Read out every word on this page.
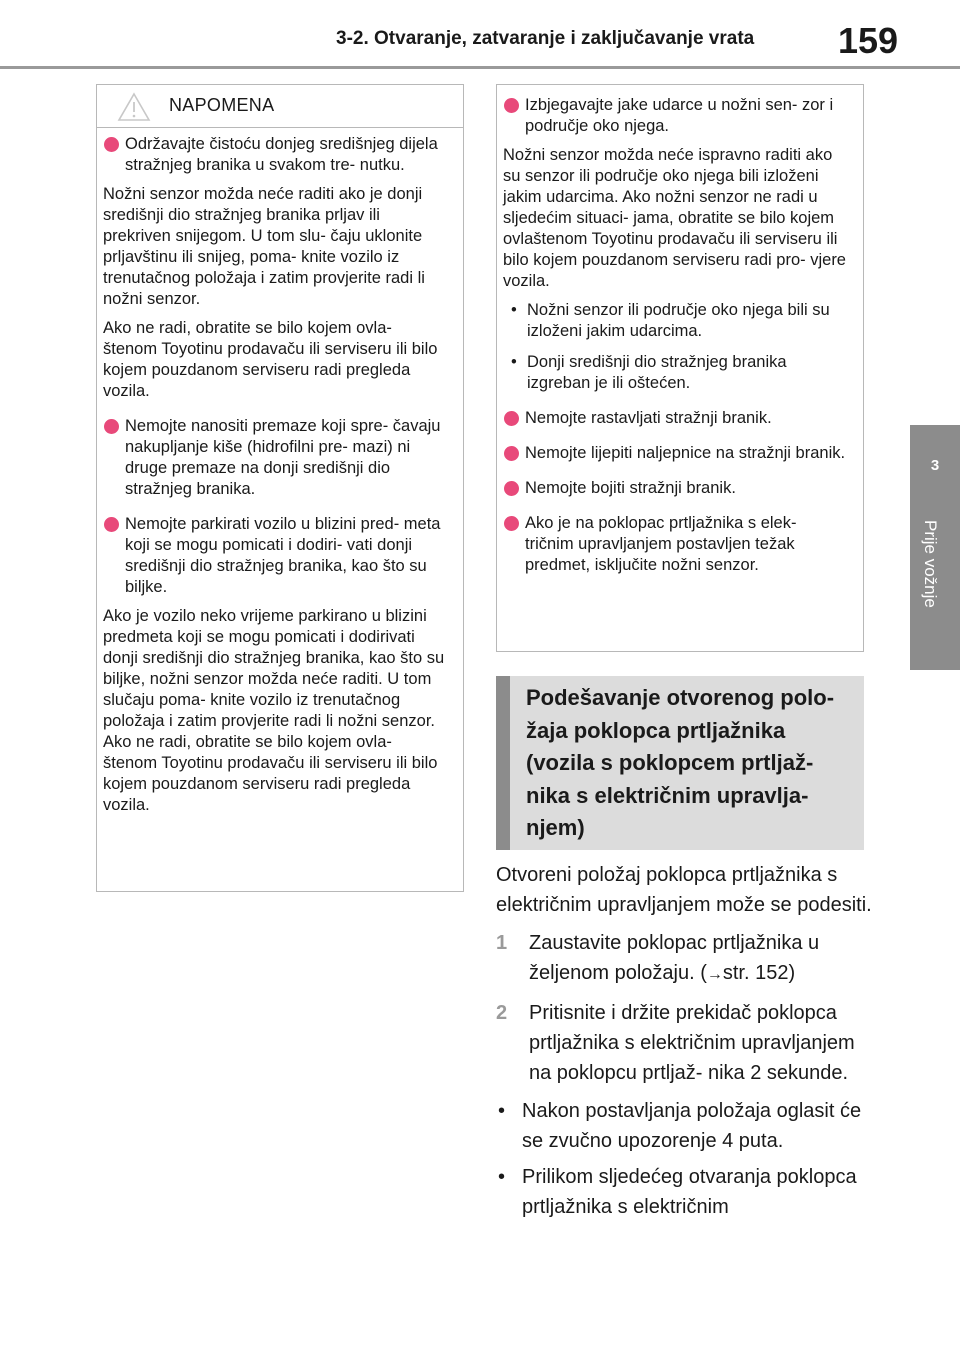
3-2. Otvaranje, zatvaranje i zaključavanje vrata	159
3
Prije vožnje
NAPOMENA
Održavajte čistoću donjeg središnjeg dijela stražnjeg branika u svakom tre- nutku.

Nožni senzor možda neće raditi ako je donji središnji dio stražnjeg branika prljav ili prekriven snijegom. U tom slu- čaju uklonite prljavštinu ili snijeg, poma- knite vozilo iz trenutačnog položaja i zatim provjerite radi li nožni senzor.

Ako ne radi, obratite se bilo kojem ovla- štenom Toyotinu prodavaču ili serviseru ili bilo kojem pouzdanom serviseru radi pregleda vozila.

Nemojte nanositi premaze koji spre- čavaju nakupljanje kiše (hidrofilni pre- mazi) ni druge premaze na donji središnji dio stražnjeg branika.
Nemojte parkirati vozilo u blizini pred- meta koji se mogu pomicati i dodiri- vati donji središnji dio stražnjeg branika, kao što su biljke.

Ako je vozilo neko vrijeme parkirano u blizini predmeta koji se mogu pomicati i dodirivati donji središnji dio stražnjeg branika, kao što su biljke, nožni senzor možda neće raditi. U tom slučaju poma- knite vozilo iz trenutačnog položaja i zatim provjerite radi li nožni senzor.

Ako ne radi, obratite se bilo kojem ovla- štenom Toyotinu prodavaču ili serviseru ili bilo kojem pouzdanom serviseru radi pregleda vozila.

Izbjegavajte jake udarce u nožni sen- zor i područje oko njega.

Nožni senzor možda neće ispravno raditi ako su senzor ili područje oko njega bili izloženi jakim udarcima. Ako nožni senzor ne radi u sljedećim situaci- jama, obratite se bilo kojem ovlaštenom Toyotinu prodavaču ili serviseru ili bilo kojem pouzdanom serviseru radi pro- vjere vozila.

• Nožni senzor ili područje oko njega bili su izloženi jakim udarcima.
• Donji središnji dio stražnjeg branika izgreban je ili oštećen.
Nemojte rastavljati stražnji branik.
Nemojte lijepiti naljepnice na stražnji branik.
Nemojte bojiti stražnji branik.
Ako je na poklopac prtljažnika s elek- tričnim upravljanjem postavljen težak predmet, isključite nožni senzor.
Podešavanje otvorenog polo- žaja poklopca prtljažnika (vozila s poklopcem prtljaž- nika s električnim upravlja- njem)

Otvoreni položaj poklopca prtljažnika s električnim upravljanjem može se podesiti.

1 Zaustavite poklopac prtljažnika u željenom položaju. (→str. 152)
2 Pritisnite i držite prekidač poklopca prtljažnika s električnim upravljanjem na poklopcu prtljaž- nika 2 sekunde.
• Nakon postavljanja položaja oglasit će se zvučno upozorenje 4 puta.
• Prilikom sljedećeg otvaranja poklopca prtljažnika s električnim
